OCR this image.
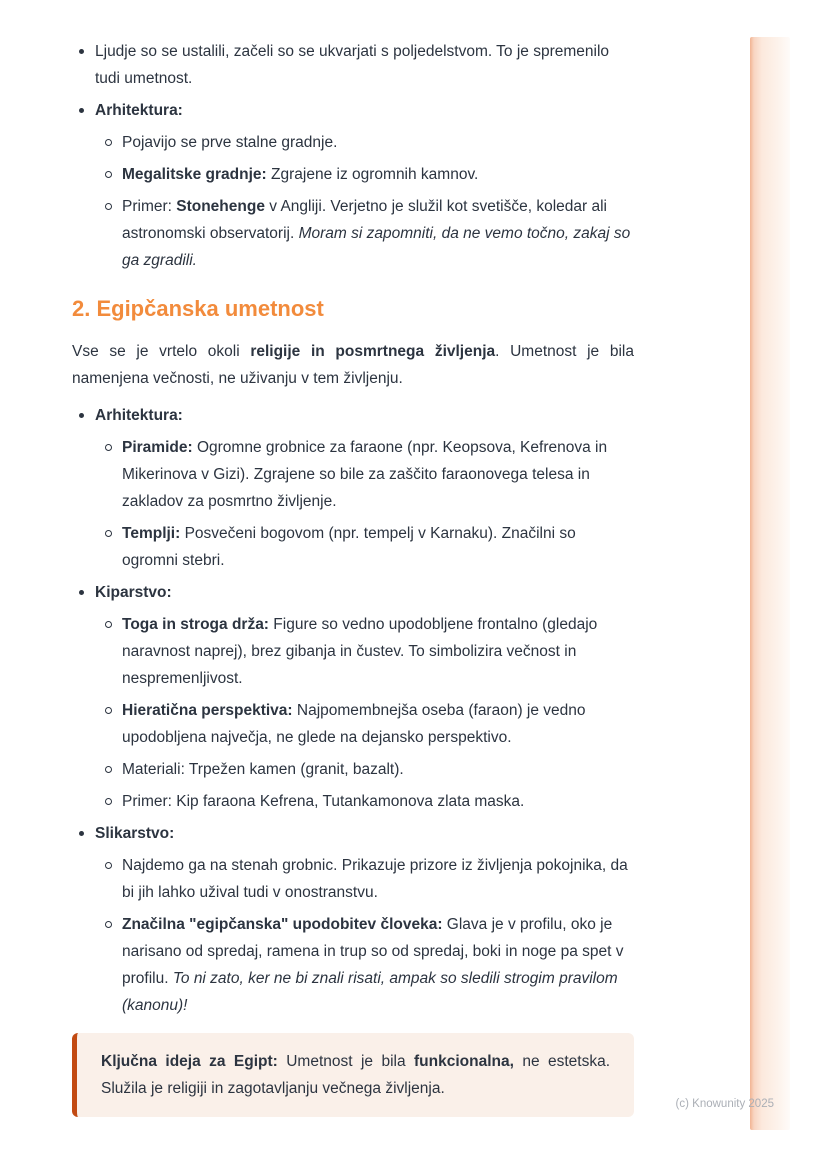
Ljudje so se ustalili, začeli so se ukvarjati s poljedelstvom. To je spremenilo tudi umetnost.
Arhitektura:
Pojavijo se prve stalne gradnje.
Megalitske gradnje: Zgrajene iz ogromnih kamnov.
Primer: Stonehenge v Angliji. Verjetno je služil kot svetišče, koledar ali astronomski observatorij. Moram si zapomniti, da ne vemo točno, zakaj so ga zgradili.
2. Egipčanska umetnost
Vse se je vrtelo okoli religije in posmrtnega življenja. Umetnost je bila namenjena večnosti, ne uživanju v tem življenju.
Arhitektura:
Piramide: Ogromne grobnice za faraone (npr. Keopsova, Kefrenova in Mikerinova v Gizi). Zgrajene so bile za zaščito faraonovega telesa in zakladov za posmrtno življenje.
Templji: Posvečeni bogovom (npr. tempelj v Karnaku). Značilni so ogromni stebri.
Kiparstvo:
Toga in stroga drža: Figure so vedno upodobljene frontalno (gledajo naravnost naprej), brez gibanja in čustev. To simbolizira večnost in nespremenljivost.
Hieratična perspektiva: Najpomembnejša oseba (faraon) je vedno upodobljena največja, ne glede na dejansko perspektivo.
Materiali: Trpežen kamen (granit, bazalt).
Primer: Kip faraona Kefrena, Tutankamonova zlata maska.
Slikarstvo:
Najdemo ga na stenah grobnic. Prikazuje prizore iz življenja pokojnika, da bi jih lahko užival tudi v onostranstvu.
Značilna "egipčanska" upodobitev človeka: Glava je v profilu, oko je narisano od spredaj, ramena in trup so od spredaj, boki in noge pa spet v profilu. To ni zato, ker ne bi znali risati, ampak so sledili strogim pravilom (kanonu)!
Ključna ideja za Egipt: Umetnost je bila funkcionalna, ne estetska. Služila je religiji in zagotavljanju večnega življenja.
(c) Knowunity 2025
